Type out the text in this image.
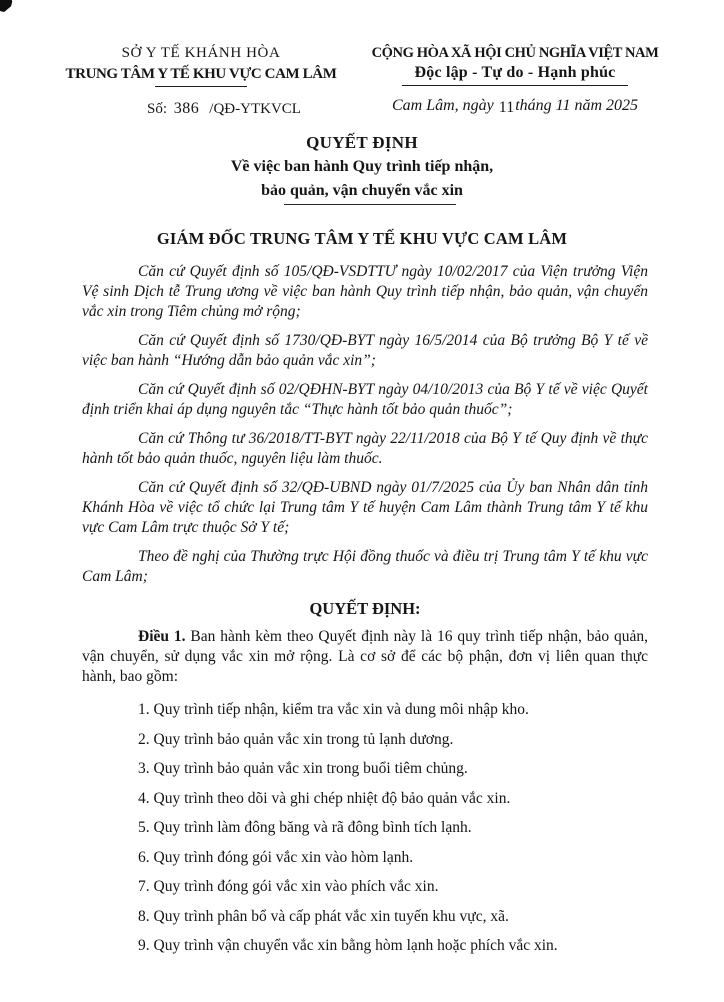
SỞ Y TẾ KHÁNH HÒA
TRUNG TÂM Y TẾ KHU VỰC CAM LÂM
Số: 386 /QĐ-YTKVCL
CỘNG HÒA XÃ HỘI CHỦ NGHĨA VIỆT NAM
Độc lập - Tự do - Hạnh phúc
Cam Lâm, ngày 11tháng 11 năm 2025
QUYẾT ĐỊNH
Về việc ban hành Quy trình tiếp nhận,
bảo quản, vận chuyển vắc xin
GIÁM ĐỐC TRUNG TÂM Y TẾ KHU VỰC CAM LÂM

Căn cứ Quyết định số 105/QĐ-VSDTTƯ ngày 10/02/2017 của Viện trưởng Viện Vệ sinh Dịch tễ Trung ương về việc ban hành Quy trình tiếp nhận, bảo quản, vận chuyển vắc xin trong Tiêm chủng mở rộng;

Căn cứ Quyết định số 1730/QĐ-BYT ngày 16/5/2014 của Bộ trưởng Bộ Y tế về việc ban hành “Hướng dẫn bảo quản vắc xin”;

Căn cứ Quyết định số 02/QĐHN-BYT ngày 04/10/2013 của Bộ Y tế về việc Quyết định triển khai áp dụng nguyên tắc “Thực hành tốt bảo quản thuốc”;

Căn cứ Thông tư 36/2018/TT-BYT ngày 22/11/2018 của Bộ Y tế Quy định về thực hành tốt bảo quản thuốc, nguyên liệu làm thuốc.

Căn cứ Quyết định số 32/QĐ-UBND ngày 01/7/2025 của Ủy ban Nhân dân tỉnh Khánh Hòa về việc tổ chức lại Trung tâm Y tế huyện Cam Lâm thành Trung tâm Y tế khu vực Cam Lâm trực thuộc Sở Y tế;

Theo đề nghị của Thường trực Hội đồng thuốc và điều trị Trung tâm Y tế khu vực Cam Lâm;

QUYẾT ĐỊNH:

Điều 1. Ban hành kèm theo Quyết định này là 16 quy trình tiếp nhận, bảo quản, vận chuyển, sử dụng vắc xin mở rộng. Là cơ sở để các bộ phận, đơn vị liên quan thực hành, bao gồm:

1. Quy trình tiếp nhận, kiểm tra vắc xin và dung môi nhập kho.

2. Quy trình bảo quản vắc xin trong tủ lạnh dương.

3. Quy trình bảo quản vắc xin trong buổi tiêm chủng.

4. Quy trình theo dõi và ghi chép nhiệt độ bảo quản vắc xin.

5. Quy trình làm đông băng và rã đông bình tích lạnh.

6. Quy trình đóng gói vắc xin vào hòm lạnh.

7. Quy trình đóng gói vắc xin vào phích vắc xin.

8. Quy trình phân bổ và cấp phát vắc xin tuyến khu vực, xã.

9. Quy trình vận chuyển vắc xin bằng hòm lạnh hoặc phích vắc xin.
